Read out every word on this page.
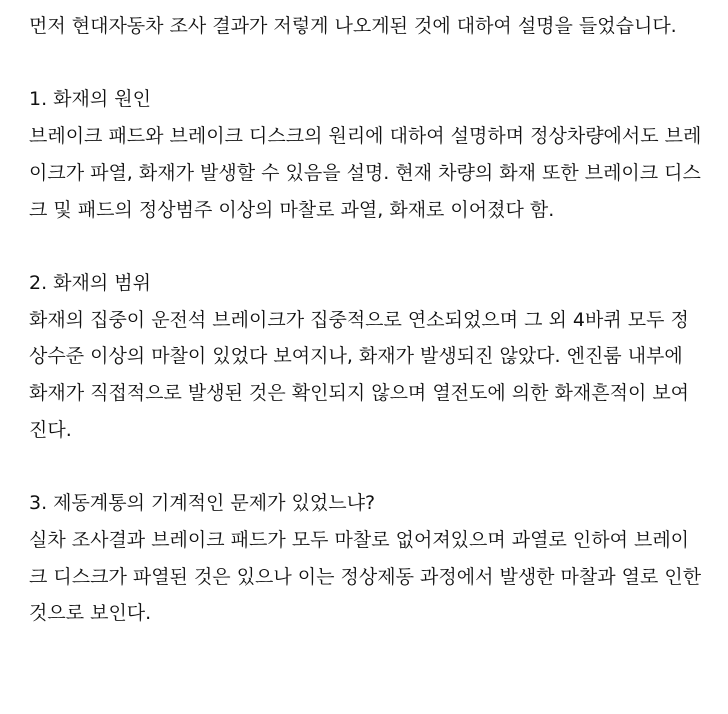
먼저 현대자동차 조사 결과가 저렇게 나오게된 것에 대하여 설명을 들었습니다.

1. 화재의 원인

브레이크 패드와 브레이크 디스크의 원리에 대하여 설명하며 정상차량에서도 브레이크가 파열, 화재가 발생할 수 있음을 설명. 현재 차량의 화재 또한 브레이크 디스크 및 패드의 정상범주 이상의 마찰로 과열, 화재로 이어졌다 함.

2. 화재의 범위

화재의 집중이 운전석 브레이크가 집중적으로 연소되었으며 그 외 4바퀴 모두 정상수준 이상의 마찰이 있었다 보여지나, 화재가 발생되진 않았다. 엔진룸 내부에 화재가 직접적으로 발생된 것은 확인되지 않으며 열전도에 의한 화재흔적이 보여진다.

3. 제동계통의 기계적인 문제가 있었느냐?

실차 조사결과 브레이크 패드가 모두 마찰로 없어져있으며 과열로 인하여 브레이크 디스크가 파열된 것은 있으나 이는 정상제동 과정에서 발생한 마찰과 열로 인한것으로 보인다.
